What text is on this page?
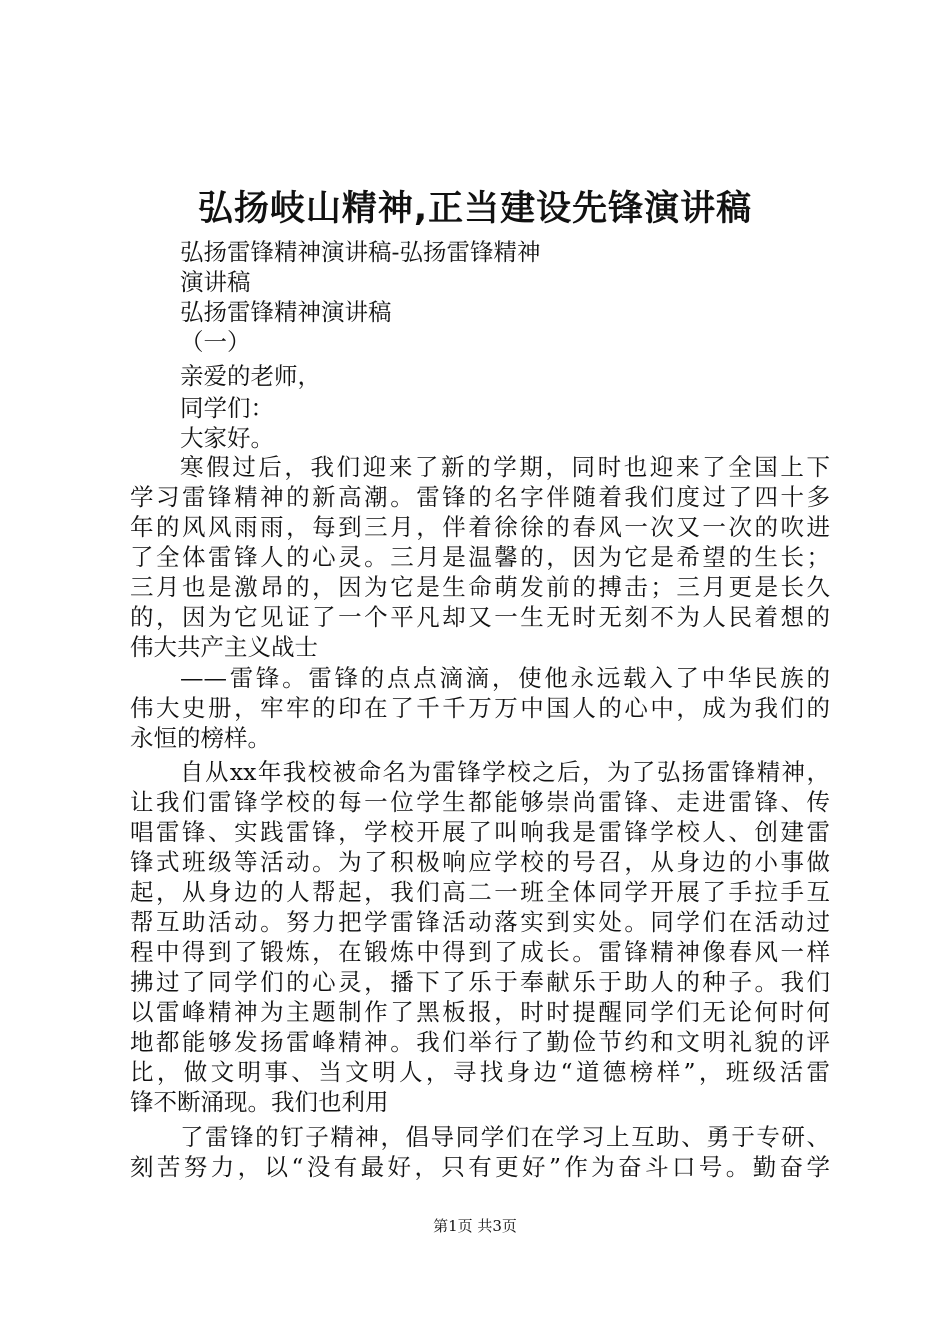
弘扬岐山精神,正当建设先锋演讲稿
弘扬雷锋精神演讲稿-弘扬雷锋精神
演讲稿
弘扬雷锋精神演讲稿
（一）
亲爱的老师，
同学们：
大家好。
寒假过后，我们迎来了新的学期，同时也迎来了全国上下
学习雷锋精神的新高潮。雷锋的名字伴随着我们度过了四十多
年的风风雨雨，每到三月，伴着徐徐的春风一次又一次的吹进
了全体雷锋人的心灵。三月是温馨的，因为它是希望的生长；
三月也是激昂的，因为它是生命萌发前的搏击；三月更是长久
的，因为它见证了一个平凡却又一生无时无刻不为人民着想的
伟大共产主义战士
——雷锋。雷锋的点点滴滴，使他永远载入了中华民族的
伟大史册，牢牢的印在了千千万万中国人的心中，成为我们的
永恒的榜样。
自从xx年我校被命名为雷锋学校之后，为了弘扬雷锋精神，
让我们雷锋学校的每一位学生都能够崇尚雷锋、走进雷锋、传
唱雷锋、实践雷锋，学校开展了叫响我是雷锋学校人、创建雷
锋式班级等活动。为了积极响应学校的号召，从身边的小事做
起，从身边的人帮起，我们高二一班全体同学开展了手拉手互
帮互助活动。努力把学雷锋活动落实到实处。同学们在活动过
程中得到了锻炼，在锻炼中得到了成长。雷锋精神像春风一样
拂过了同学们的心灵，播下了乐于奉献乐于助人的种子。我们
以雷峰精神为主题制作了黑板报，时时提醒同学们无论何时何
地都能够发扬雷峰精神。我们举行了勤俭节约和文明礼貌的评
比，做文明事、当文明人，寻找身边“道德榜样”，班级活雷
锋不断涌现。我们也利用
了雷锋的钉子精神，倡导同学们在学习上互助、勇于专研、
刻苦努力，以“没有最好，只有更好”作为奋斗口号。勤奋学
第1页 共3页
